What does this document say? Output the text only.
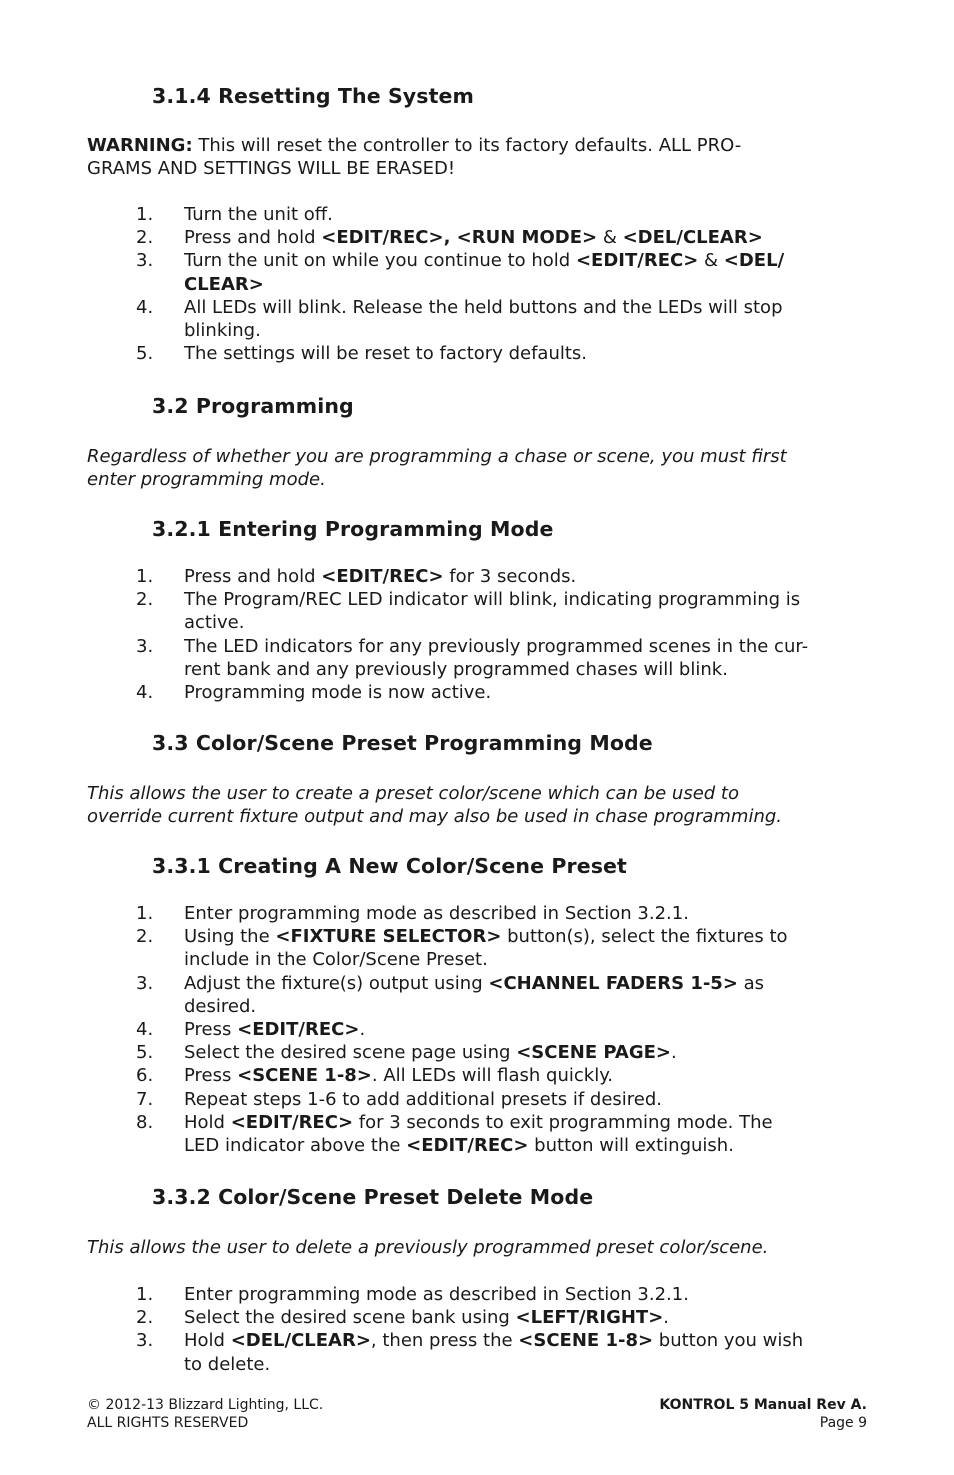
3.1.4 Resetting The System

WARNING: This will reset the controller to its factory defaults. ALL PRO-
GRAMS AND SETTINGS WILL BE ERASED!

1.	Turn the unit off.
2.	Press and hold <EDIT/REC>, <RUN MODE> & <DEL/CLEAR>
3.	Turn the unit on while you continue to hold <EDIT/REC> & <DEL/
CLEAR>
4.	All LEDs will blink. Release the held buttons and the LEDs will stop
blinking.
5.	The settings will be reset to factory defaults.
3.2 Programming

Regardless of whether you are programming a chase or scene, you must first
enter programming mode.

3.2.1 Entering Programming Mode
1.	Press and hold <EDIT/REC> for 3 seconds.
2.	The Program/REC LED indicator will blink, indicating programming is
active.
3.	The LED indicators for any previously programmed scenes in the cur-
rent bank and any previously programmed chases will blink.
4.	Programming mode is now active.
3.3 Color/Scene Preset Programming Mode

This allows the user to create a preset color/scene which can be used to
override current fixture output and may also be used in chase programming.

3.3.1 Creating A New Color/Scene Preset
1.	Enter programming mode as described in Section 3.2.1.
2.	Using the <FIXTURE SELECTOR> button(s), select the fixtures to
include in the Color/Scene Preset.
3.	Adjust the fixture(s) output using <CHANNEL FADERS 1-5> as
desired.
4.	Press <EDIT/REC>.
5.	Select the desired scene page using <SCENE PAGE>.
6.	Press <SCENE 1-8>. All LEDs will flash quickly.
7.	Repeat steps 1-6 to add additional presets if desired.
8.	Hold <EDIT/REC> for 3 seconds to exit programming mode. The
LED indicator above the <EDIT/REC> button will extinguish.
3.3.2 Color/Scene Preset Delete Mode

This allows the user to delete a previously programmed preset color/scene.

1.	Enter programming mode as described in Section 3.2.1.
2.	Select the desired scene bank using <LEFT/RIGHT>.
3.	Hold <DEL/CLEAR>, then press the <SCENE 1-8> button you wish
to delete.
© 2012-13 Blizzard Lighting, LLC.
ALL RIGHTS RESERVED
KONTROL 5 Manual Rev A.
Page 9
